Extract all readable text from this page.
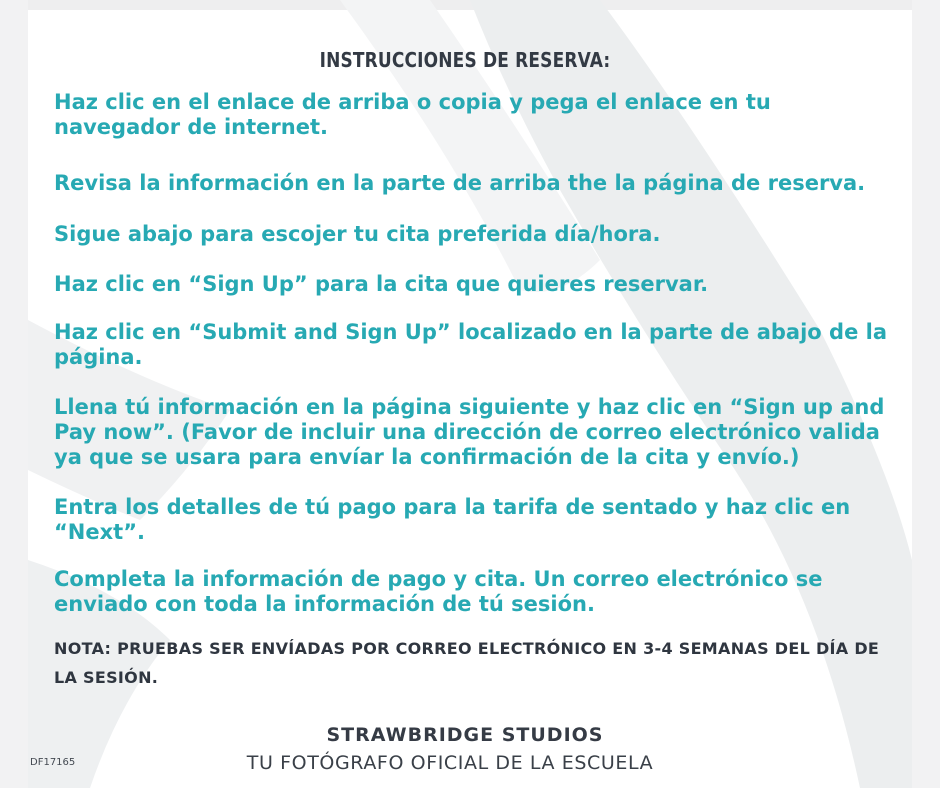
INSTRUCCIONES DE RESERVA:

Haz clic en el enlace de arriba o copia y pega el enlace en tu navegador de internet.

Revisa la información en la parte de arriba the la página de reserva.

Sigue abajo para escojer tu cita preferida día/hora.

Haz clic en “Sign Up” para la cita que quieres reservar.

Haz clic en “Submit and Sign Up” localizado en la parte de abajo de la página.

Llena tú información en la página siguiente y haz clic en “Sign up and Pay now”. (Favor de incluir una dirección de correo electrónico valida ya que se usara para envíar la confirmación de la cita y envío.)

Entra los detalles de tú pago para la tarifa de sentado y haz clic en “Next”.

Completa la información de pago y cita. Un correo electrónico se enviado con toda la información de tú sesión.

NOTA: PRUEBAS SER ENVÍADAS POR CORREO ELECTRÓNICO EN 3-4 SEMANAS DEL DÍA DE LA SESIÓN.
STRAWBRIDGE STUDIOS
TU FOTÓGRAFO OFICIAL DE LA ESCUELA
DF17165
